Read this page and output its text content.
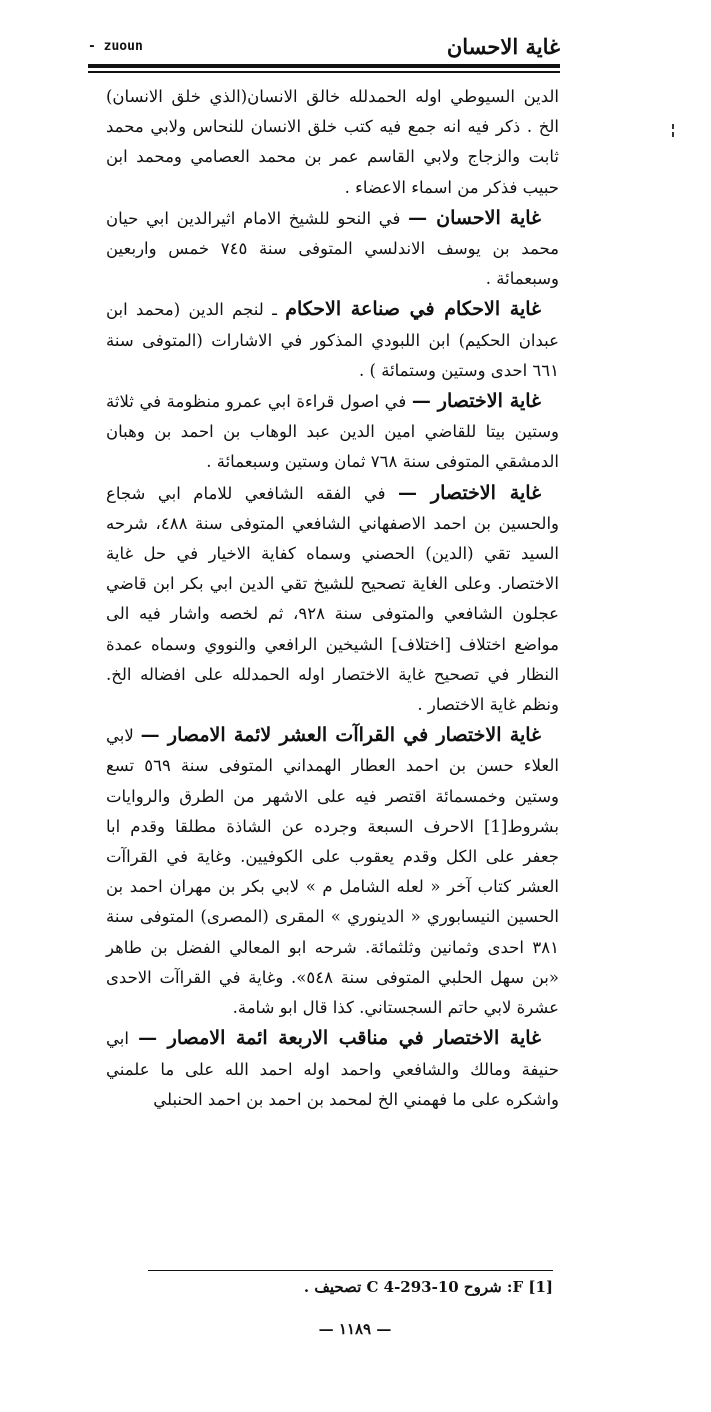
- zuoun	غاية الاحسان

الدين السيوطي اوله الحمدلله خالق الانسان(الذي خلق الانسان) الخ . ذكر فيه انه جمع فيه كتب خلق الانسان للنحاس ولابي محمد ثابت والزجاج ولابي القاسم عمر بن محمد العصامي ومحمد ابن حبيب فذكر من اسماء الاعضاء .

غاية الاحسان — في النحو للشيخ الامام اثيرالدين ابي حيان محمد بن يوسف الاندلسي المتوفى سنة ٧٤٥ خمس واربعين وسبعمائة .

غاية الاحكام في صناعة الاحكام ـ لنجم الدين (محمد ابن عبدان الحكيم) ابن اللبودي المذكور في الاشارات (المتوفى سنة ٦٦١ احدى وستين وستمائة ) .

غاية الاختصار — في اصول قراءة ابي عمرو منظومة في ثلاثة وستين بيتا للقاضي امين الدين عبد الوهاب بن احمد بن وهبان الدمشقي المتوفى سنة ٧٦٨ ثمان وستين وسبعمائة .

غاية الاختصار — في الفقه الشافعي للامام ابي شجاع والحسين بن احمد الاصفهاني الشافعي المتوفى سنة ٤٨٨، شرحه السيد تقي (الدين) الحصني وسماه كفاية الاخيار في حل غاية الاختصار. وعلى الغاية تصحيح للشيخ تقي الدين ابي بكر ابن قاضي عجلون الشافعي والمتوفى سنة ٩٢٨، ثم لخصه واشار فيه الى مواضع اختلاف [اختلاف] الشيخين الرافعي والنووي وسماه عمدة النظار في تصحيح غاية الاختصار اوله الحمدلله على افضاله الخ. ونظم غاية الاختصار .

غاية الاختصار في القراآت العشر لائمة الامصار — لابي العلاء حسن بن احمد العطار الهمداني المتوفى سنة ٥٦٩ تسع وستين وخمسمائة اقتصر فيه على الاشهر من الطرق والروايات بشروط[1] الاحرف السبعة وجرده عن الشاذة مطلقا وقدم ابا جعفر على الكل وقدم يعقوب على الكوفيين. وغاية في القراآت العشر كتاب آخر « لعله الشامل م » لابي بكر بن مهران احمد بن الحسين النيسابوري « الدينوري » المقرى (المصرى) المتوفى سنة ٣٨١ احدى وثمانين وثلثمائة. شرحه ابو المعالي الفضل بن طاهر «بن سهل الحلبي المتوفى سنة ٥٤٨». وغاية في القراآت الاحدى عشرة لابي حاتم السجستاني. كذا قال ابو شامة.

غاية الاختصار في مناقب الاربعة ائمة الامصار — ابي حنيفة ومالك والشافعي واحمد اوله احمد الله على ما علمني واشكره على ما فهمني الخ لمحمد بن احمد بن احمد الحنبلي

[1] F: شروح C 4-293-10 تصحيف .
— ١١٨٩ —
